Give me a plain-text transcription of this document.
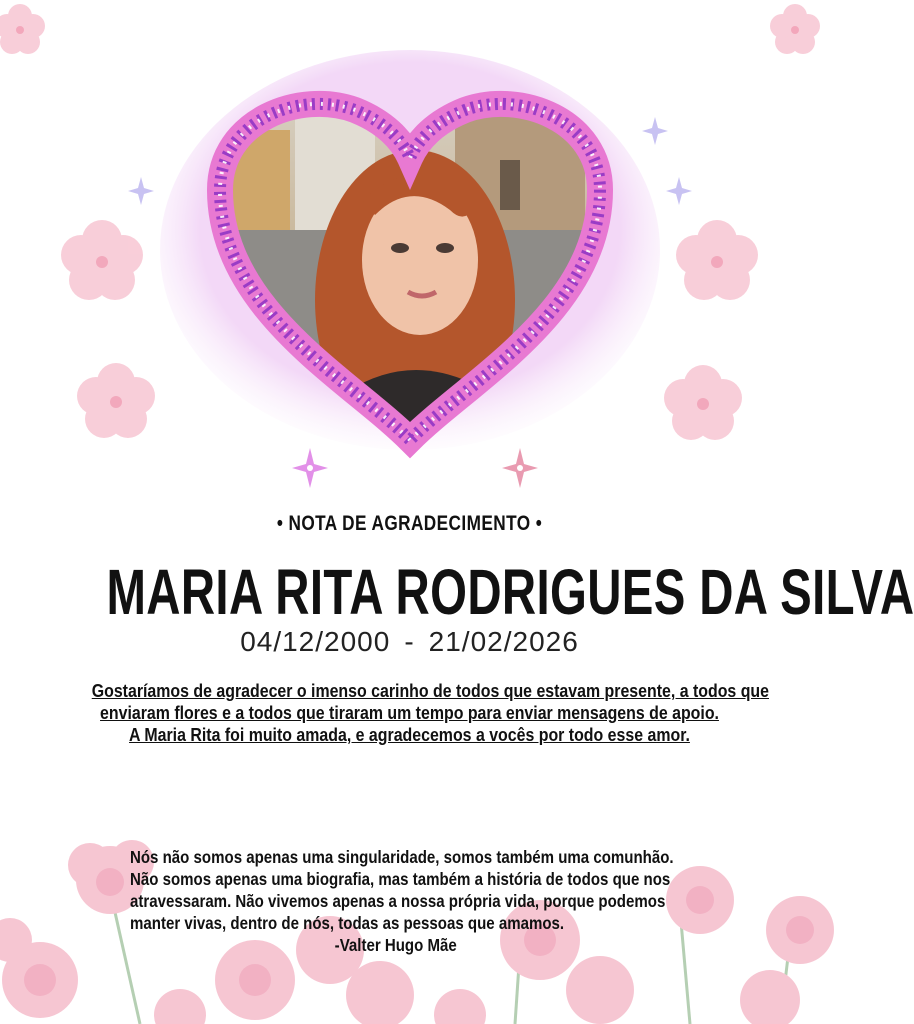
• NOTA DE AGRADECIMENTO •
MARIA RITA RODRIGUES DA SILVA
04/12/2000 - 21/02/2026
Gostaríamos de agradecer o imenso carinho de todos que estavam presente, a todos que
enviaram flores e a todos que tiraram um tempo para enviar mensagens de apoio.
A Maria Rita foi muito amada, e agradecemos a vocês por todo esse amor.
Nós não somos apenas uma singularidade, somos também uma comunhão.
Não somos apenas uma biografia, mas também a história de todos que nos
atravessaram. Não vivemos apenas a nossa própria vida, porque podemos
manter vivas, dentro de nós, todas as pessoas que amamos.
-Valter Hugo Mãe
